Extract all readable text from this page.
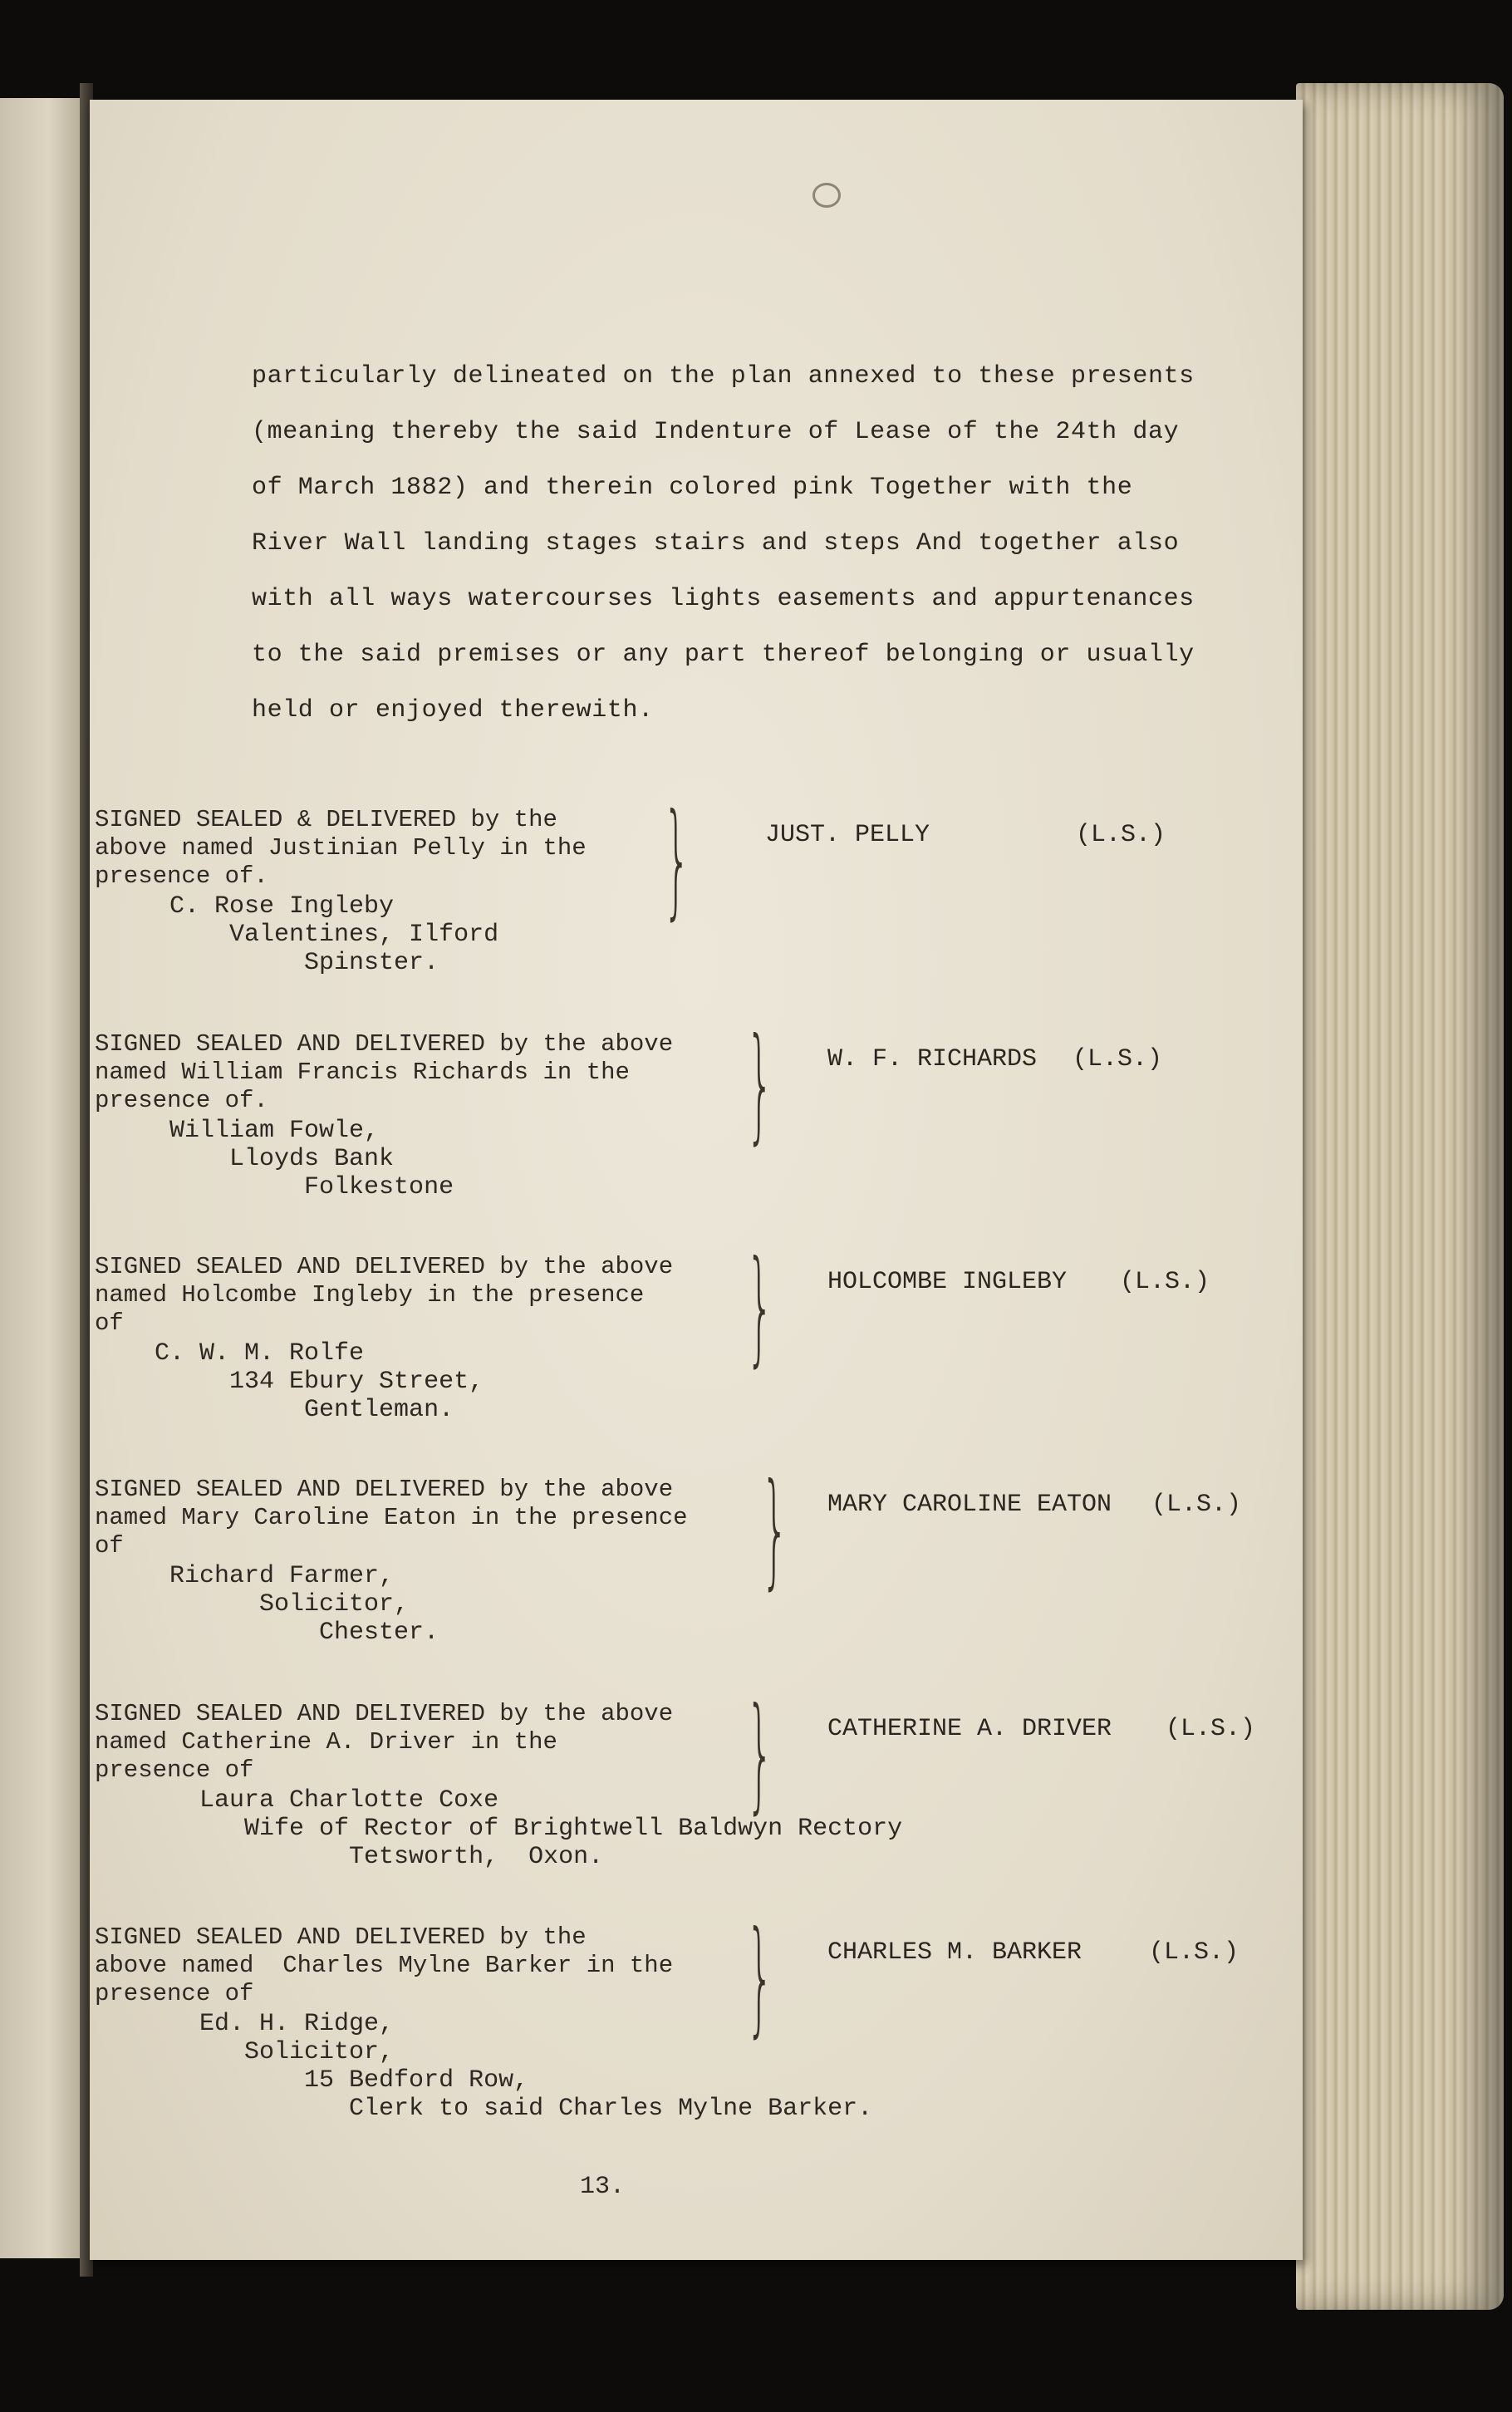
particularly delineated on the plan annexed to these presents
(meaning thereby the said Indenture of Lease of the 24th day
of March 1882) and therein colored pink Together with the
River Wall landing stages stairs and steps And together also
with all ways watercourses lights easements and appurtenances
to the said premises or any part thereof belonging or usually
held or enjoyed therewith.
SIGNED SEALED & DELIVERED by the
above named Justinian Pelly in the
presence of.	}	JUST. PELLY	(L.S.)
C. Rose Ingleby
Valentines, Ilford
Spinster.
SIGNED SEALED AND DELIVERED by the above
named William Francis Richards in the
presence of.	} W. F. RICHARDS (L.S.)
William Fowle,
Lloyds Bank
Folkestone
SIGNED SEALED AND DELIVERED by the above
named Holcombe Ingleby in the presence
of	} HOLCOMBE INGLEBY (L.S.)
C. W. M. Rolfe
134 Ebury Street,
Gentleman.
SIGNED SEALED AND DELIVERED by the above
named Mary Caroline Eaton in the presence
of	} MARY CAROLINE EATON (L.S.)
Richard Farmer,
Solicitor,
Chester.
SIGNED SEALED AND DELIVERED by the above
named Catherine A. Driver in the
presence of	} CATHERINE A. DRIVER (L.S.)
Laura Charlotte Coxe
Wife of Rector of Brightwell Baldwyn Rectory
Tetsworth,  Oxon.
SIGNED SEALED AND DELIVERED by the
above named  Charles Mylne Barker in the
presence of	} CHARLES M. BARKER	(L.S.)
Ed. H. Ridge,
Solicitor,
15 Bedford Row,
Clerk to said Charles Mylne Barker.
13.
